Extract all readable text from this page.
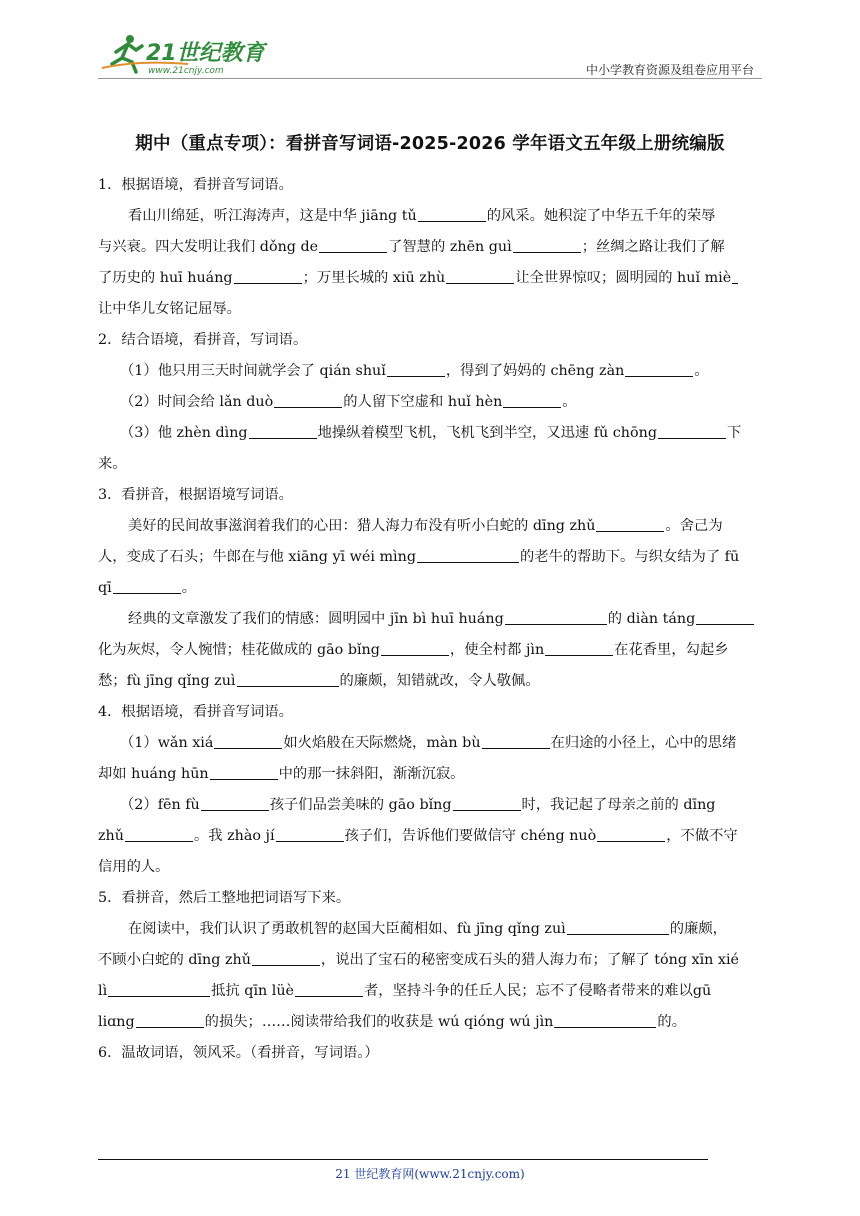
21世纪教育
www.21cnjy.com	中小学教育资源及组卷应用平台
期中（重点专项）：看拼音写词语-2025-2026 学年语文五年级上册统编版
1．根据语境，看拼音写词语。
看山川绵延，听江海涛声，这是中华 jiāng tǔ	的风采。她积淀了中华五千年的荣辱
与兴衰。四大发明让我们 dǒng de	了智慧的 zhēn guì	；丝绸之路让我们了解
了历史的 huī huáng	；万里长城的 xiū zhù	让全世界惊叹；圆明园的 huǐ miè
让中华儿女铭记屈辱。
2．结合语境，看拼音，写词语。
（1）他只用三天时间就学会了 qián shuǐ	，得到了妈妈的 chēng zàn	。
（2）时间会给 lǎn duò	的人留下空虚和 huǐ hèn	。
（3）他 zhèn dìng	地操纵着模型飞机，飞机飞到半空，又迅速 fǔ chōng	下
来。
3．看拼音，根据语境写词语。
美好的民间故事滋润着我们的心田：猎人海力布没有听小白蛇的 dīng zhǔ	。舍己为
人，变成了石头；牛郎在与他 xiāng yī wéi mìng	的老牛的帮助下。与织女结为了 fū
qī	。
经典的文章激发了我们的情感：圆明园中 jīn bì huī huáng	的 diàn táng
化为灰烬，令人惋惜；桂花做成的 gāo bǐng	，使全村都 jìn	在花香里，勾起乡
愁；fù jīng qǐng zuì	的廉颇，知错就改，令人敬佩。
4．根据语境，看拼音写词语。
（1）wǎn xiá	如火焰般在天际燃烧，màn bù	在归途的小径上，心中的思绪
却如 huáng hūn	中的那一抹斜阳，渐渐沉寂。
（2）fēn fù	孩子们品尝美味的 gāo bǐng	时，我记起了母亲之前的 dīng
zhǔ	。我 zhào jí	孩子们，告诉他们要做信守 chéng nuò	，不做不守
信用的人。
5．看拼音，然后工整地把词语写下来。
在阅读中，我们认识了勇敢机智的赵国大臣蔺相如、fù jīng qǐng zuì	的廉颇，
不顾小白蛇的 dīng zhǔ	，说出了宝石的秘密变成石头的猎人海力布；了解了 tóng xīn xié
lì	抵抗 qīn lüè	者，坚持斗争的任丘人民；忘不了侵略者带来的难以gū
liɑng	的损失；……阅读带给我们的收获是 wú qióng wú jìn	的。
6．温故词语，领风采。（看拼音，写词语。）
21 世纪教育网(www.21cnjy.com)
